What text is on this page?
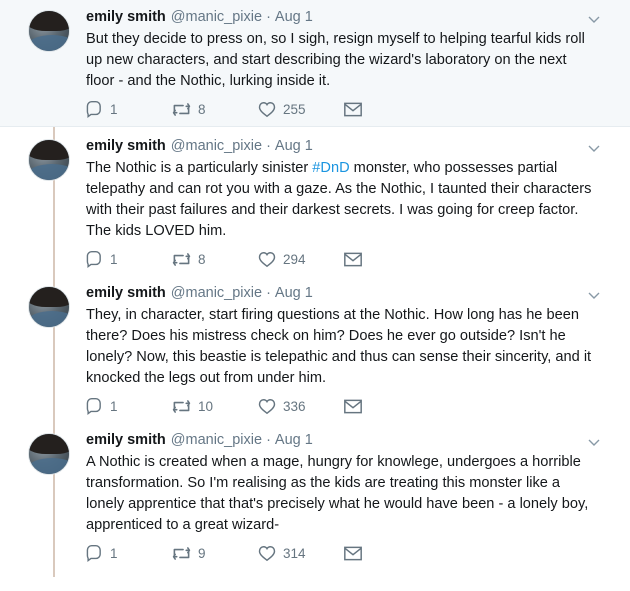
emily smith @manic_pixie · Aug 1
But they decide to press on, so I sigh, resign myself to helping tearful kids roll up new characters, and start describing the wizard's laboratory on the next floor - and the Nothic, lurking inside it.
1	8	255
emily smith @manic_pixie · Aug 1
The Nothic is a particularly sinister #DnD monster, who possesses partial telepathy and can rot you with a gaze. As the Nothic, I taunted their characters with their past failures and their darkest secrets. I was going for creep factor. The kids LOVED him.
1	8	294
emily smith @manic_pixie · Aug 1
They, in character, start firing questions at the Nothic. How long has he been there? Does his mistress check on him? Does he ever go outside? Isn't he lonely? Now, this beastie is telepathic and thus can sense their sincerity, and it knocked the legs out from under him.
1	10	336
emily smith @manic_pixie · Aug 1
A Nothic is created when a mage, hungry for knowlege, undergoes a horrible transformation. So I'm realising as the kids are treating this monster like a lonely apprentice that that's precisely what he would have been - a lonely boy, apprenticed to a great wizard-
1	9	314
